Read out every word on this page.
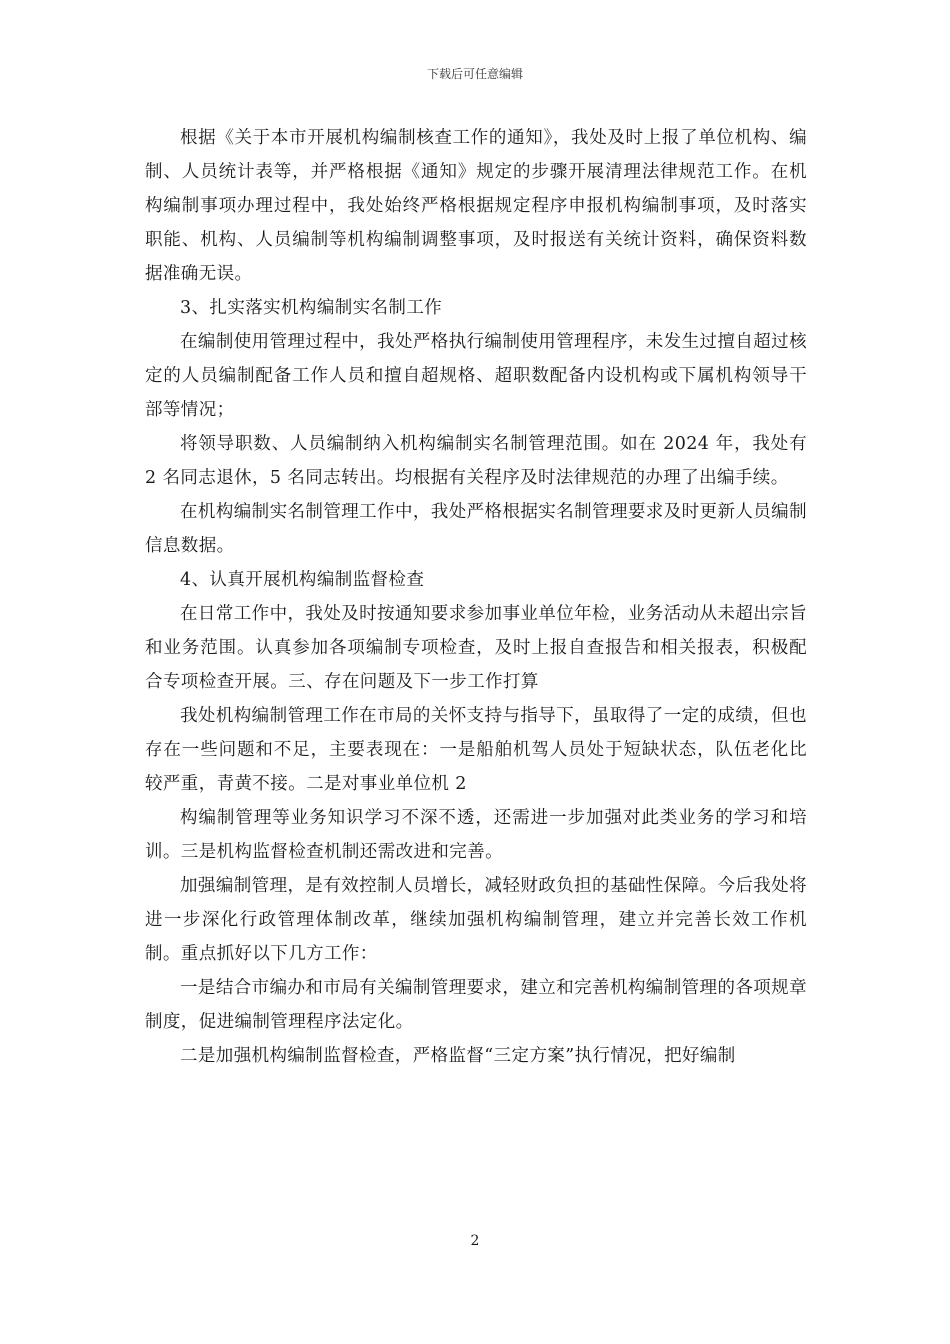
下载后可任意编辑

根据《关于本市开展机构编制核查工作的通知》，我处及时上报了单位机构、编制、人员统计表等，并严格根据《通知》规定的步骤开展清理法律规范工作。在机构编制事项办理过程中，我处始终严格根据规定程序申报机构编制事项，及时落实职能、机构、人员编制等机构编制调整事项，及时报送有关统计资料，确保资料数据准确无误。

3、扎实落实机构编制实名制工作

在编制使用管理过程中，我处严格执行编制使用管理程序，未发生过擅自超过核定的人员编制配备工作人员和擅自超规格、超职数配备内设机构或下属机构领导干部等情况；

将领导职数、人员编制纳入机构编制实名制管理范围。如在 2024 年，我处有 2 名同志退休，5 名同志转出。均根据有关程序及时法律规范的办理了出编手续。

在机构编制实名制管理工作中，我处严格根据实名制管理要求及时更新人员编制信息数据。

4、认真开展机构编制监督检查

在日常工作中，我处及时按通知要求参加事业单位年检，业务活动从未超出宗旨和业务范围。认真参加各项编制专项检查，及时上报自查报告和相关报表，积极配合专项检查开展。三、存在问题及下一步工作打算

我处机构编制管理工作在市局的关怀支持与指导下，虽取得了一定的成绩，但也存在一些问题和不足，主要表现在：一是船舶机驾人员处于短缺状态，队伍老化比较严重，青黄不接。二是对事业单位机 2

构编制管理等业务知识学习不深不透，还需进一步加强对此类业务的学习和培训。三是机构监督检查机制还需改进和完善。

加强编制管理，是有效控制人员增长，减轻财政负担的基础性保障。今后我处将进一步深化行政管理体制改革，继续加强机构编制管理，建立并完善长效工作机制。重点抓好以下几方工作：

一是结合市编办和市局有关编制管理要求，建立和完善机构编制管理的各项规章制度，促进编制管理程序法定化。

二是加强机构编制监督检查，严格监督“三定方案”执行情况，把好编制

2
